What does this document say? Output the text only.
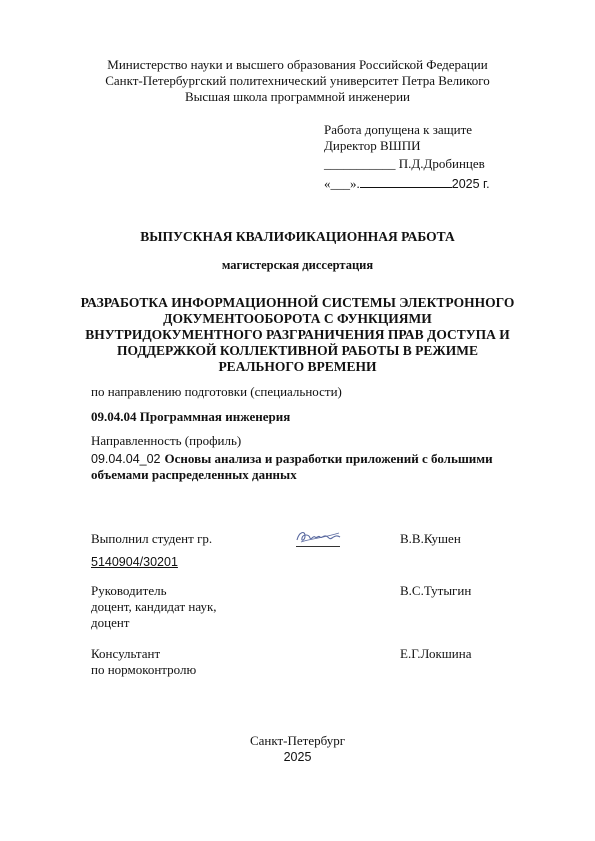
Министерство науки и высшего образования Российской Федерации
Санкт-Петербургский политехнический университет Петра Великого
Высшая школа программной инженерии
Работа допущена к защите
Директор ВШПИ
___________ П.Д.Дробинцев
«___».	2025 г.
ВЫПУСКНАЯ КВАЛИФИКАЦИОННАЯ РАБОТА
магистерская диссертация
РАЗРАБОТКА ИНФОРМАЦИОННОЙ СИСТЕМЫ ЭЛЕКТРОННОГО
ДОКУМЕНТООБОРОТА С ФУНКЦИЯМИ
ВНУТРИДОКУМЕНТНОГО РАЗГРАНИЧЕНИЯ ПРАВ ДОСТУПА И
ПОДДЕРЖКОЙ КОЛЛЕКТИВНОЙ РАБОТЫ В РЕЖИМЕ
РЕАЛЬНОГО ВРЕМЕНИ
по направлению подготовки (специальности)
09.04.04 Программная инженерия
Направленность (профиль)
09.04.04_02 Основы анализа и разработки приложений с большими
объемами распределенных данных
Выполнил студент гр.	В.В.Кушен
5140904/30201
Руководитель
доцент, кандидат наук,
доцент
В.С.Тутыгин
Консультант
по нормоконтролю
Е.Г.Локшина
Санкт-Петербург
2025
